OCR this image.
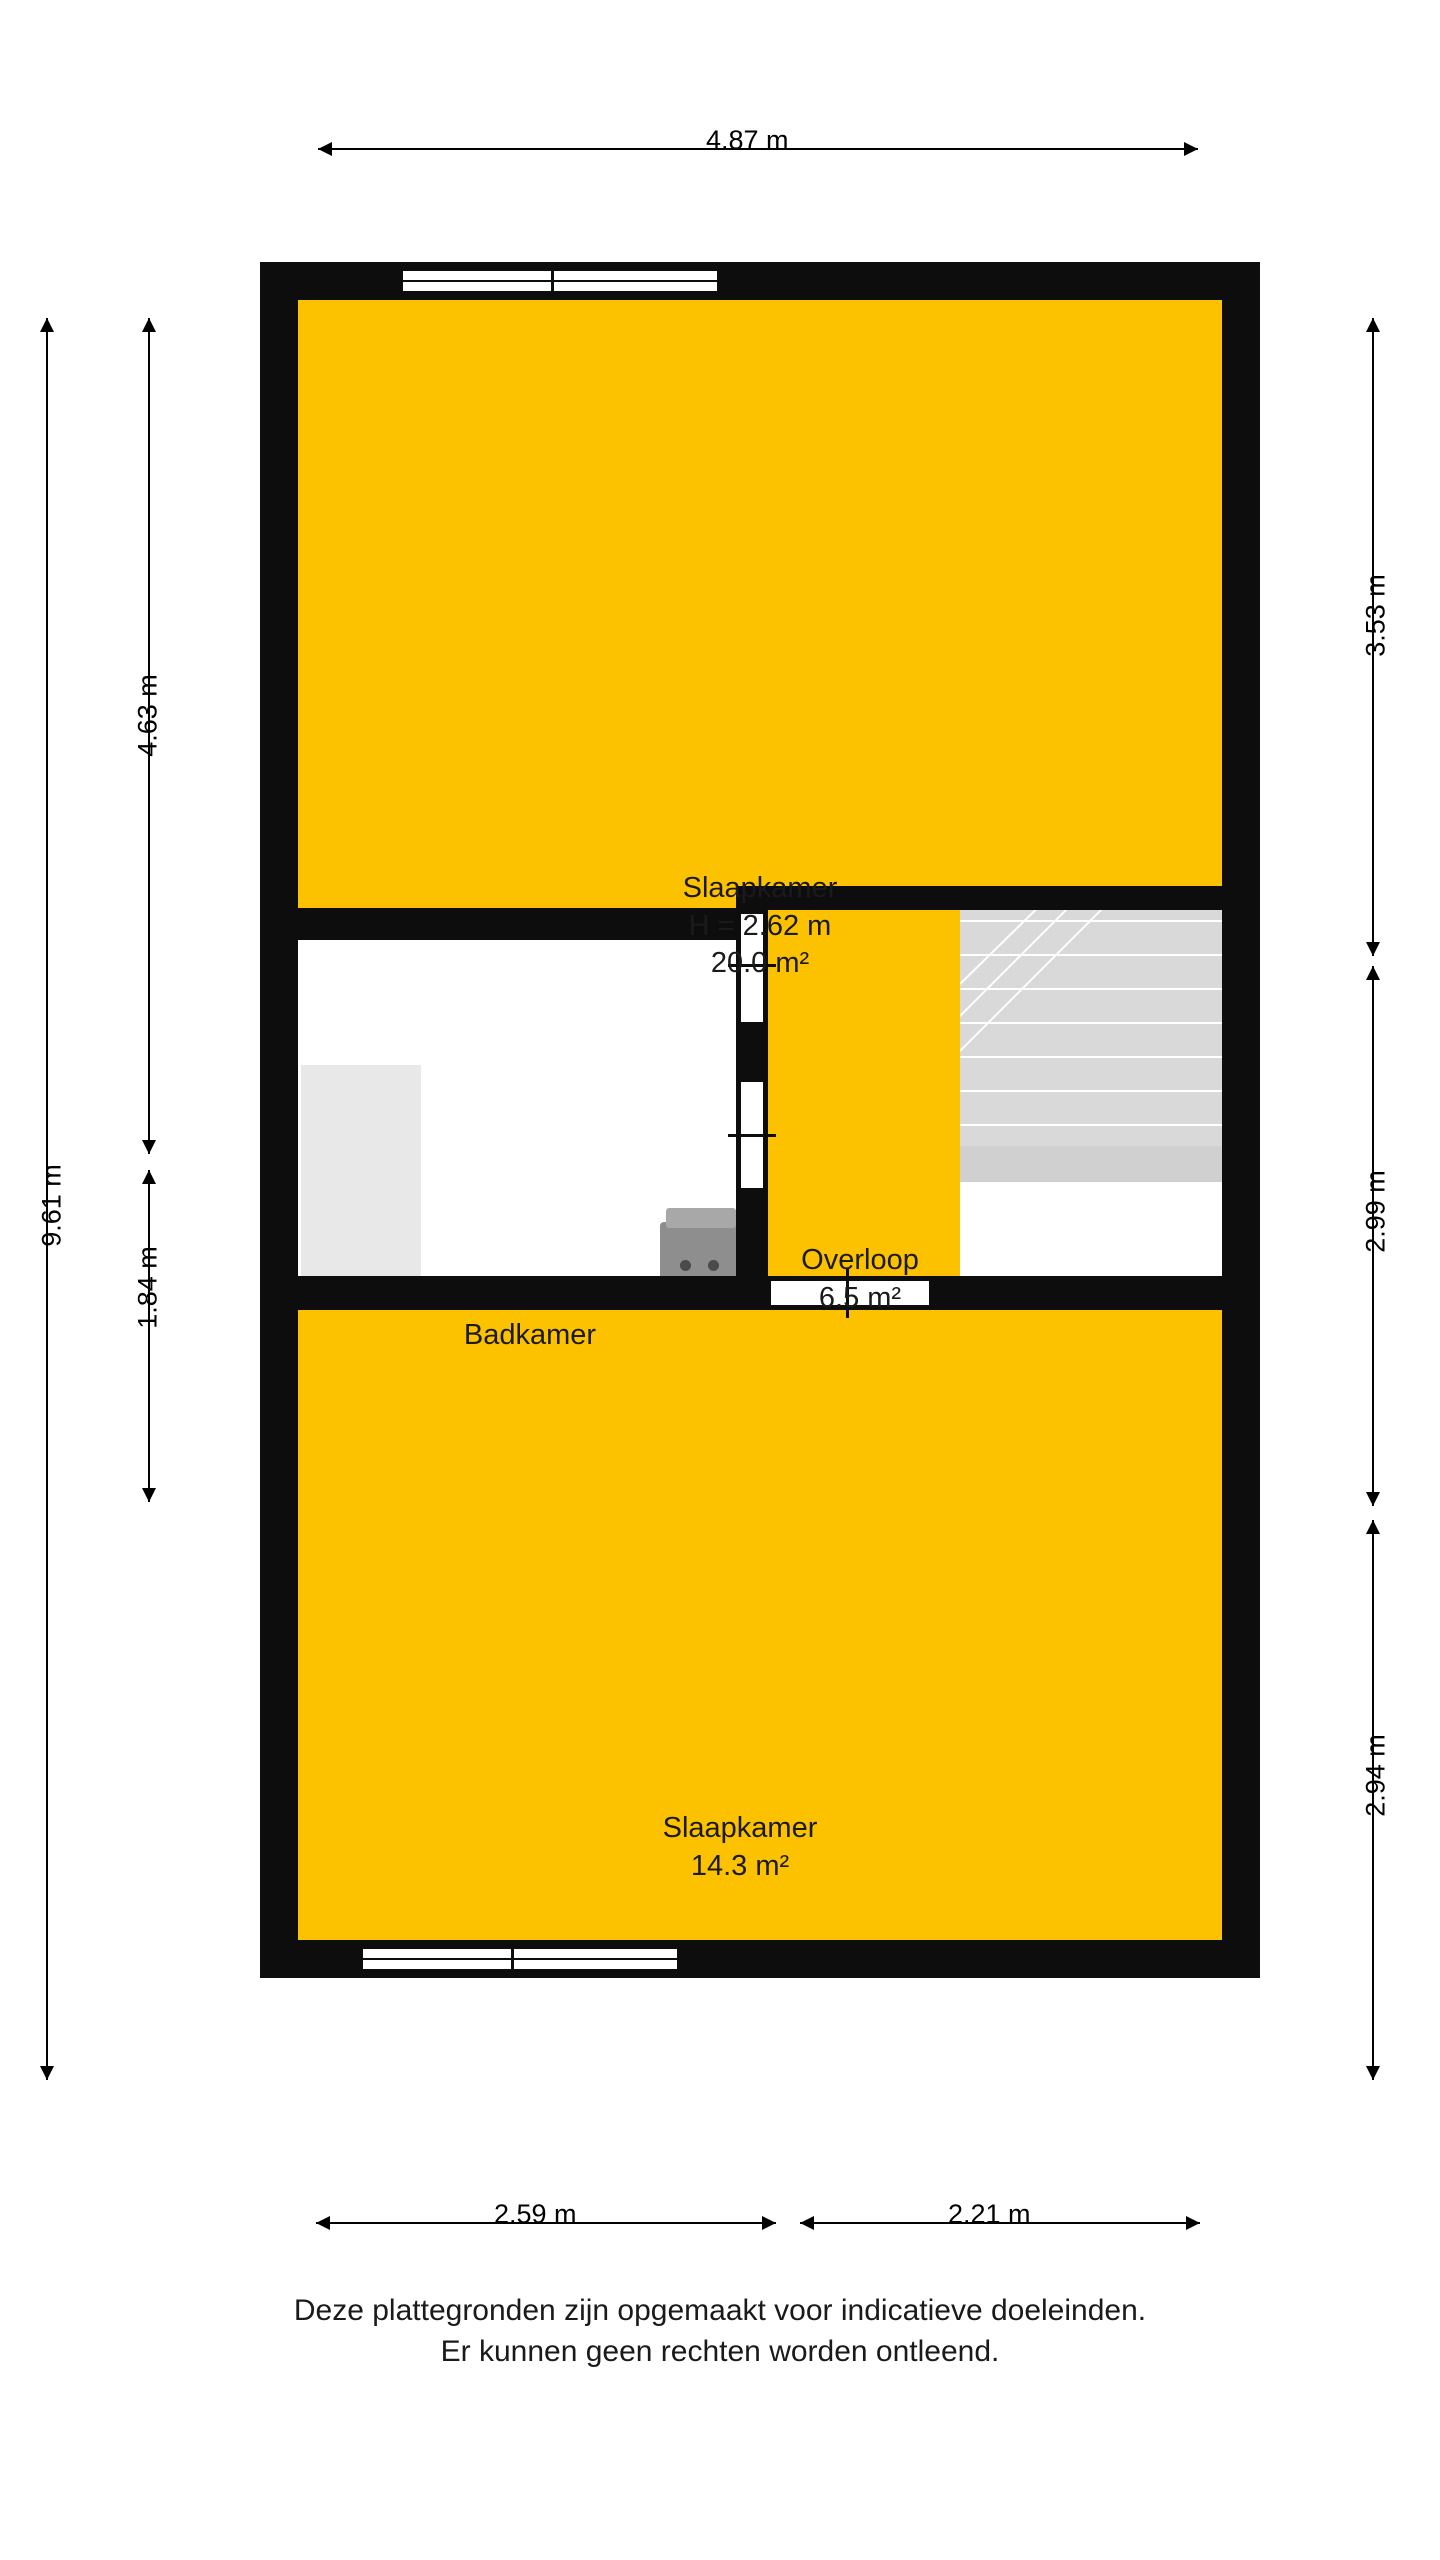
4.87 m
9.61 m
4.63 m
1.84 m
3.53 m
2.99 m
2.94 m
Slaapkamer
H = 2.62 m
20.0 m²
Badkamer
Overloop
6.5 m²
Slaapkamer
14.3 m²
2.59 m	2.21 m
Deze plattegronden zijn opgemaakt voor indicatieve doeleinden.
Er kunnen geen rechten worden ontleend.
